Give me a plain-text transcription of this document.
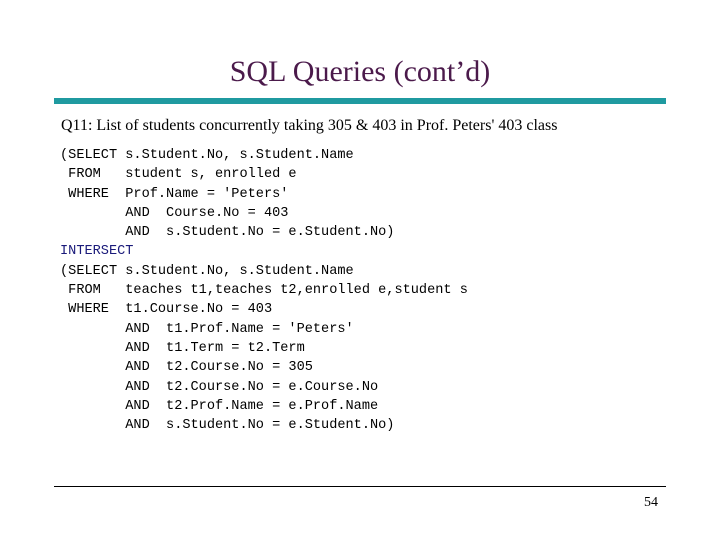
SQL Queries (cont’d)
Q11: List of students concurrently taking 305 & 403 in Prof. Peters' 403 class
(SELECT s.Student.No, s.Student.Name
FROM   student s, enrolled e
WHERE  Prof.Name = 'Peters'
AND  Course.No = 403
AND  s.Student.No = e.Student.No)
INTERSECT
(SELECT s.Student.No, s.Student.Name
FROM   teaches t1,teaches t2,enrolled e,student s
WHERE  t1.Course.No = 403
AND  t1.Prof.Name = 'Peters'
AND  t1.Term = t2.Term
AND  t2.Course.No = 305
AND  t2.Course.No = e.Course.No
AND  t2.Prof.Name = e.Prof.Name
AND  s.Student.No = e.Student.No)
54
